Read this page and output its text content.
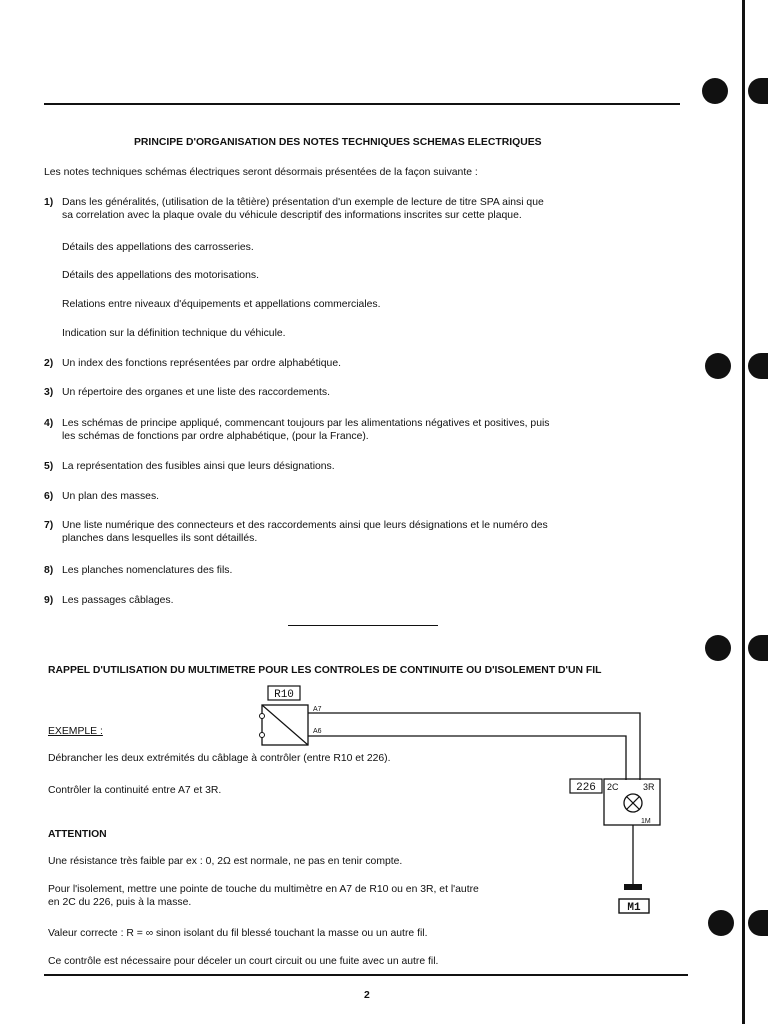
PRINCIPE D'ORGANISATION DES NOTES TECHNIQUES SCHEMAS ELECTRIQUES
Les notes techniques schémas électriques seront désormais présentées de la façon suivante :
1) Dans les généralités, (utilisation de la têtière) présentation d'un exemple de lecture de titre SPA ainsi que
sa correlation avec la plaque ovale du véhicule descriptif des informations inscrites sur cette plaque.
Détails des appellations des carrosseries.
Détails des appellations des motorisations.
Relations entre niveaux d'équipements et appellations commerciales.
Indication sur la définition technique du véhicule.
2) Un index des fonctions représentées par ordre alphabétique.
3) Un répertoire des organes et une liste des raccordements.
4) Les schémas de principe appliqué, commencant toujours par les alimentations négatives et positives, puis
les schémas de fonctions par ordre alphabétique, (pour la France).
5) La représentation des fusibles ainsi que leurs désignations.
6) Un plan des masses.
7) Une liste numérique des connecteurs et des raccordements ainsi que leurs désignations et le numéro des
planches dans lesquelles ils sont détaillés.
8) Les planches nomenclatures des fils.
9) Les passages câblages.
RAPPEL D'UTILISATION DU MULTIMETRE POUR LES CONTROLES DE CONTINUITE OU D'ISOLEMENT D'UN FIL
EXEMPLE :
Débrancher les deux extrémités du câblage à contrôler (entre R10 et 226).
Contrôler la continuité entre A7 et 3R.
ATTENTION
Une résistance très faible par ex : 0, 2Ω est normale, ne pas en tenir compte.
Pour l'isolement, mettre une pointe de touche du multimètre en A7 de R10 ou en 3R, et l'autre
en 2C du 226, puis à la masse.
Valeur correcte : R = ∞ sinon isolant du fil blessé touchant la masse ou un autre fil.
Ce contrôle est nécessaire pour déceler un court circuit ou une fuite avec un autre fil.
R10
A7
A6
226 2C	3R
1M
M1
2
